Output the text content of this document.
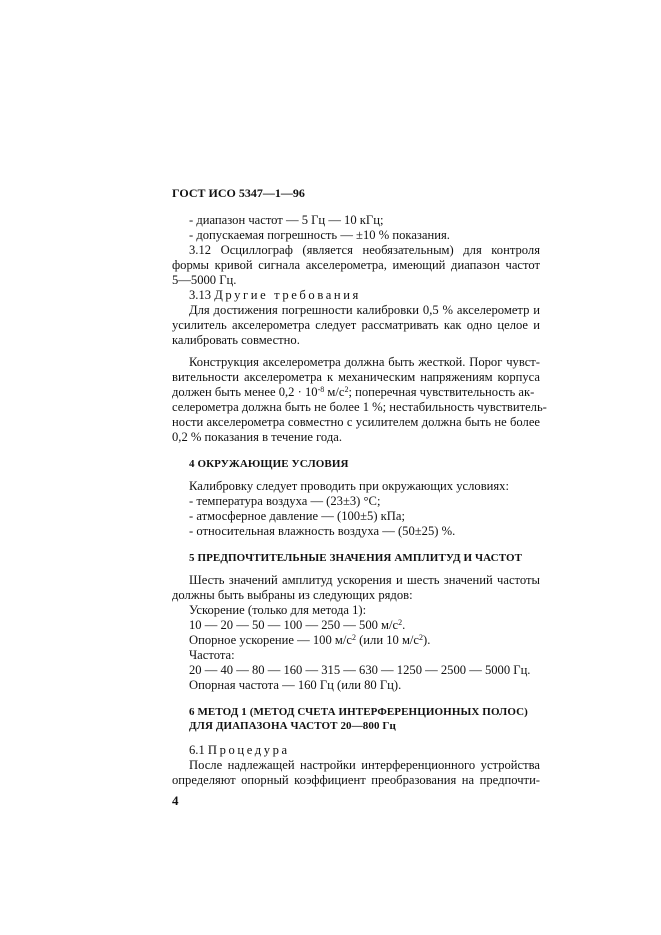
ГОСТ ИСО 5347—1—96
- диапазон частот — 5 Гц — 10 кГц;
- допускаемая погрешность — ±10 % показания.
3.12 Осциллограф (является необязательным) для контроля
формы кривой сигнала акселерометра, имеющий диапазон частот
5—5000 Гц.
3.13 Другие требования
Для достижения погрешности калибровки 0,5 % акселерометр и
усилитель акселерометра следует рассматривать как одно целое и
калибровать совместно.
Конструкция акселерометра должна быть жесткой. Порог чувст-
вительности акселерометра к механическим напряжениям корпуса
должен быть менее $0,2 \cdot 10^{-8}$ $м/с^2$; поперечная чувствительность ак-
селерометра должна быть не более 1 %; нестабильность чувствитель-
ности акселерометра совместно с усилителем должна быть не более
0,2 % показания в течение года.
4 ОКРУЖАЮЩИЕ УСЛОВИЯ
Калибровку следует проводить при окружающих условиях:
- температура воздуха — (23±3) °С;
- атмосферное давление — (100±5) кПа;
- относительная влажность воздуха — (50±25) %.
5 ПРЕДПОЧТИТЕЛЬНЫЕ ЗНАЧЕНИЯ АМПЛИТУД И ЧАСТОТ
Шесть значений амплитуд ускорения и шесть значений частоты
должны быть выбраны из следующих рядов:
Ускорение (только для метода 1):
10 — 20 — 50 — 100 — 250 — 500 $м/с^2$.
Опорное ускорение — 100 $м/с^2$ (или 10 $м/с^2$).
Частота:
20 — 40 — 80 — 160 — 315 — 630 — 1250 — 2500 — 5000 Гц.
Опорная частота — 160 Гц (или 80 Гц).
6 МЕТОД 1 (МЕТОД СЧЕТА ИНТЕРФЕРЕНЦИОННЫХ ПОЛОС)
ДЛЯ ДИАПАЗОНА ЧАСТОТ 20—800 Гц
6.1 Процедура
После надлежащей настройки интерференционного устройства
определяют опорный коэффициент преобразования на предпочти-
4
